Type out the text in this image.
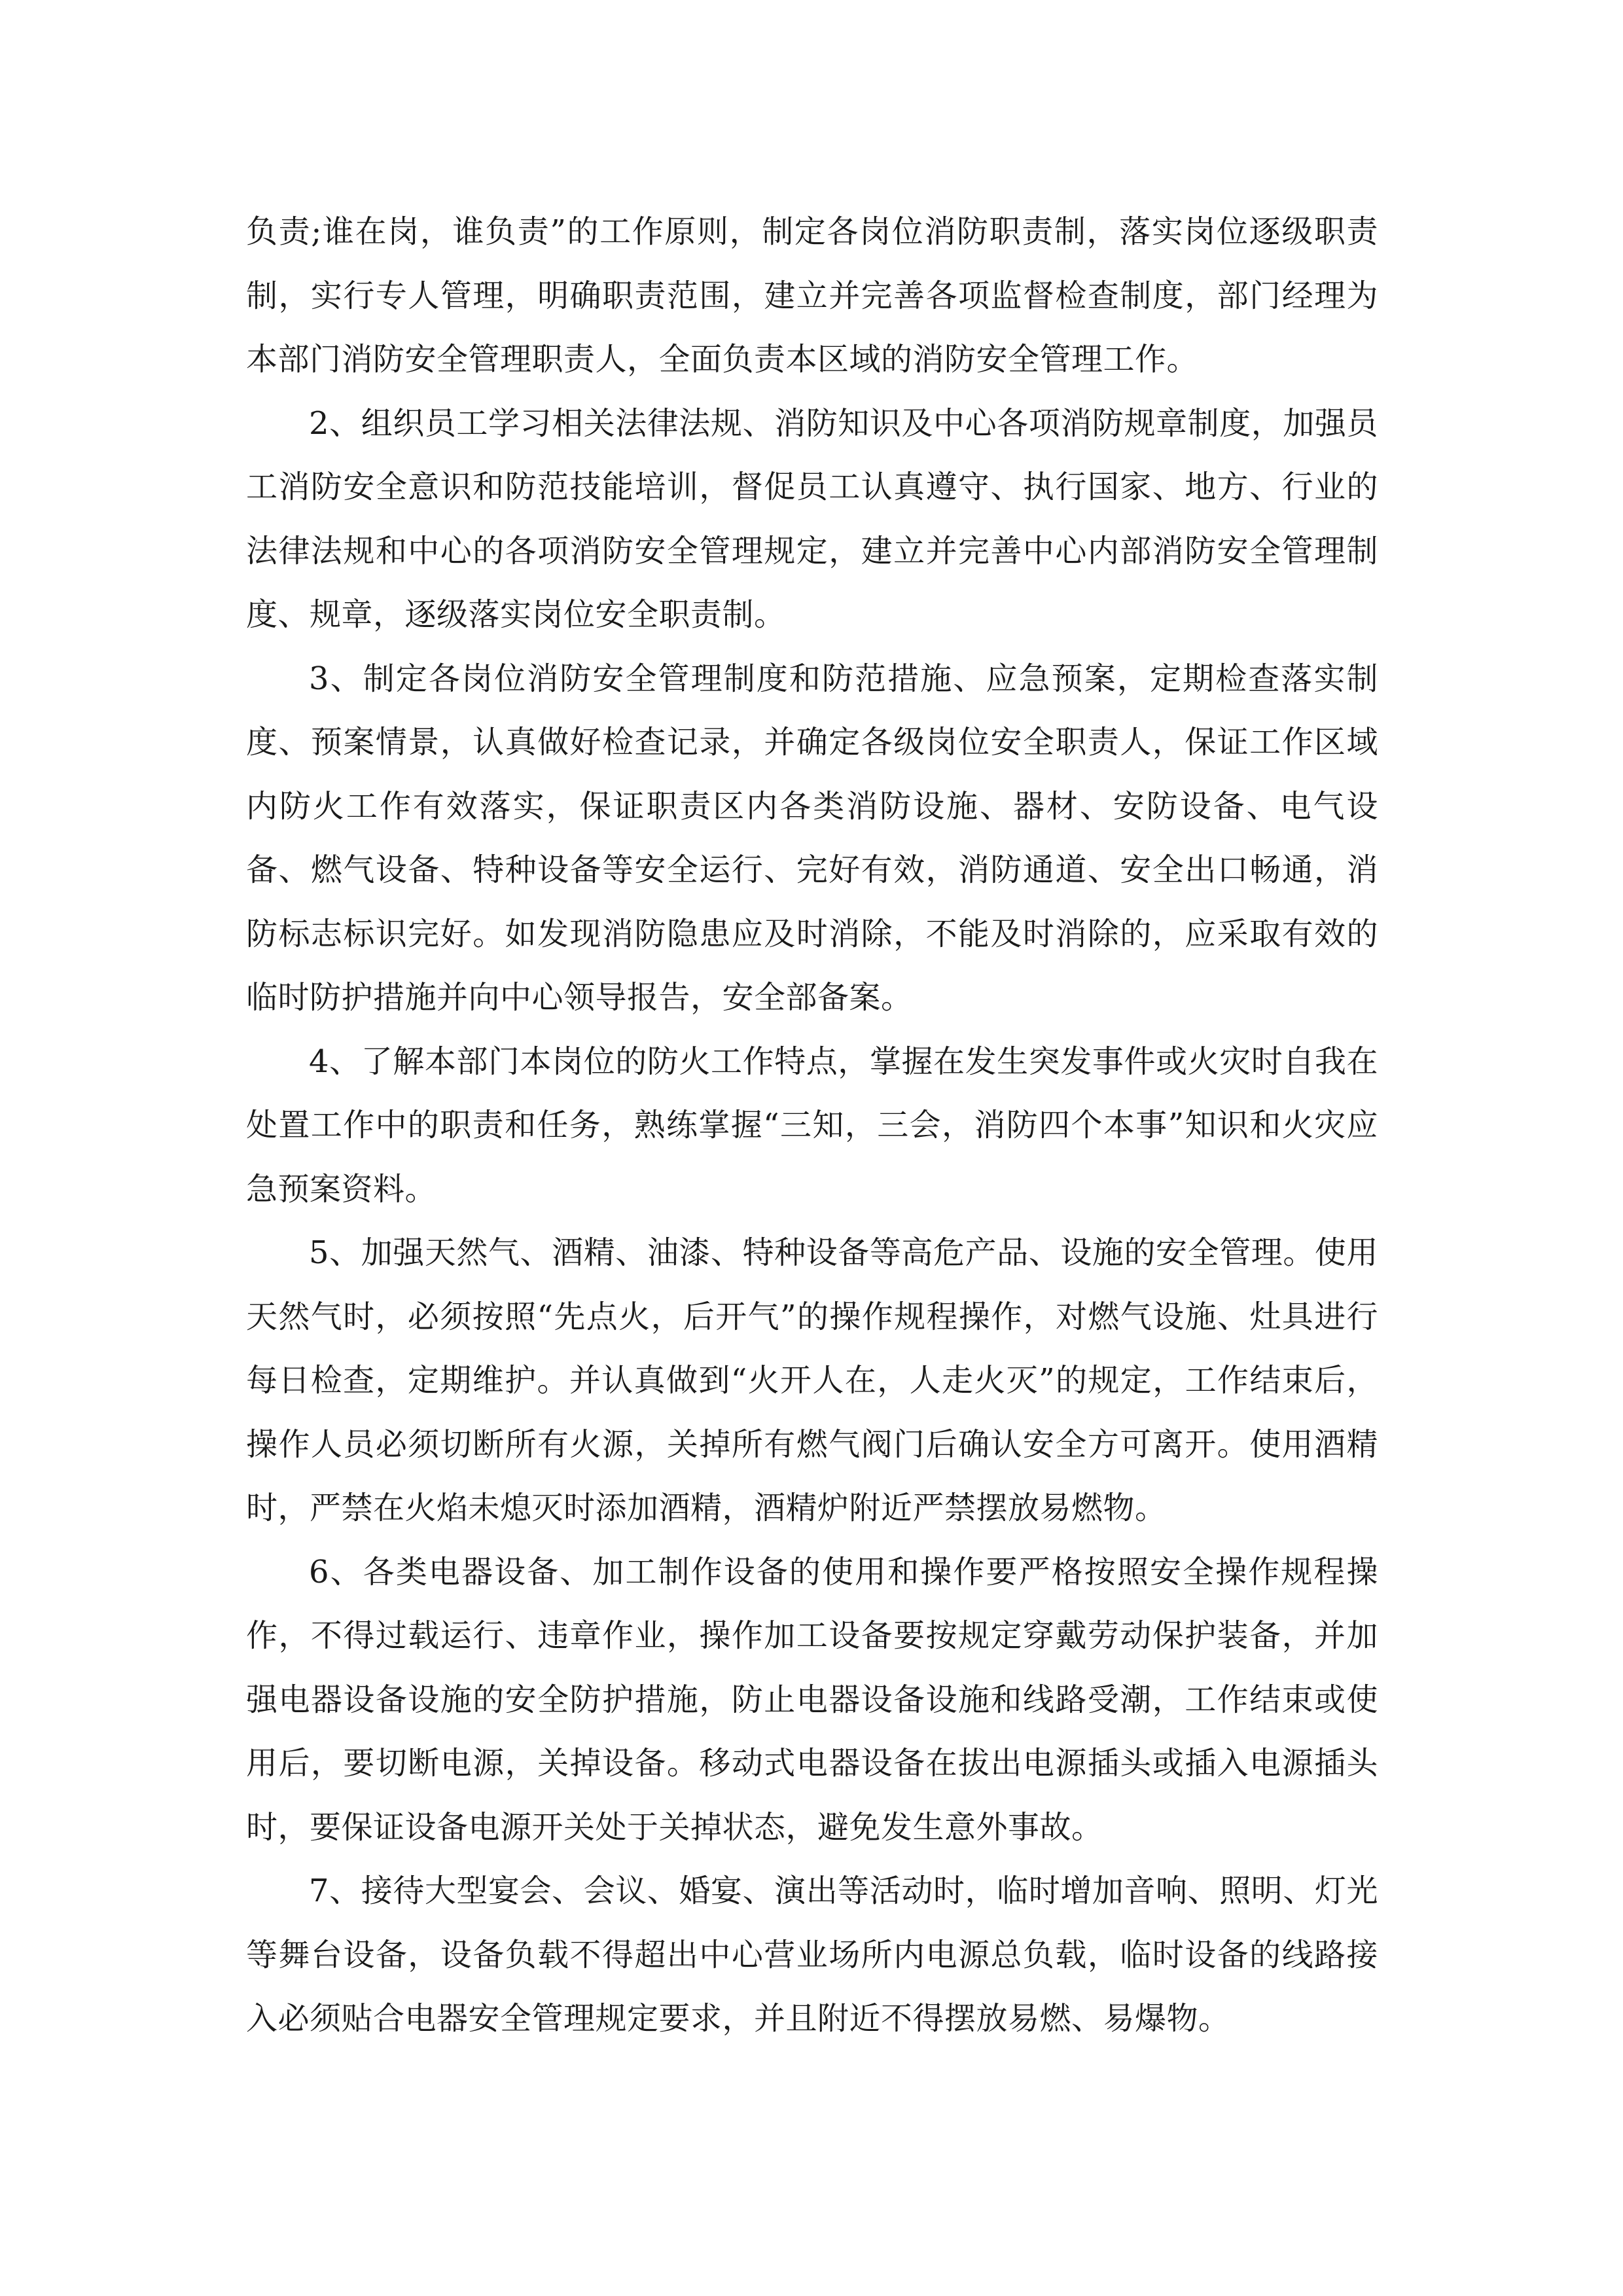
负责;谁在岗，谁负责”的工作原则，制定各岗位消防职责制，落实岗位逐级职责制，实行专人管理，明确职责范围，建立并完善各项监督检查制度，部门经理为本部门消防安全管理职责人，全面负责本区域的消防安全管理工作。

2、组织员工学习相关法律法规、消防知识及中心各项消防规章制度，加强员工消防安全意识和防范技能培训，督促员工认真遵守、执行国家、地方、行业的法律法规和中心的各项消防安全管理规定，建立并完善中心内部消防安全管理制度、规章，逐级落实岗位安全职责制。

3、制定各岗位消防安全管理制度和防范措施、应急预案，定期检查落实制度、预案情景，认真做好检查记录，并确定各级岗位安全职责人，保证工作区域内防火工作有效落实，保证职责区内各类消防设施、器材、安防设备、电气设备、燃气设备、特种设备等安全运行、完好有效，消防通道、安全出口畅通，消防标志标识完好。如发现消防隐患应及时消除，不能及时消除的，应采取有效的临时防护措施并向中心领导报告，安全部备案。

4、了解本部门本岗位的防火工作特点，掌握在发生突发事件或火灾时自我在处置工作中的职责和任务，熟练掌握“三知，三会，消防四个本事”知识和火灾应急预案资料。

5、加强天然气、酒精、油漆、特种设备等高危产品、设施的安全管理。使用天然气时，必须按照“先点火，后开气”的操作规程操作，对燃气设施、灶具进行每日检查，定期维护。并认真做到“火开人在，人走火灭”的规定，工作结束后，操作人员必须切断所有火源，关掉所有燃气阀门后确认安全方可离开。使用酒精时，严禁在火焰未熄灭时添加酒精，酒精炉附近严禁摆放易燃物。

6、各类电器设备、加工制作设备的使用和操作要严格按照安全操作规程操作，不得过载运行、违章作业，操作加工设备要按规定穿戴劳动保护装备，并加强电器设备设施的安全防护措施，防止电器设备设施和线路受潮，工作结束或使用后，要切断电源，关掉设备。移动式电器设备在拔出电源插头或插入电源插头时，要保证设备电源开关处于关掉状态，避免发生意外事故。

7、接待大型宴会、会议、婚宴、演出等活动时，临时增加音响、照明、灯光等舞台设备，设备负载不得超出中心营业场所内电源总负载，临时设备的线路接入必须贴合电器安全管理规定要求，并且附近不得摆放易燃、易爆物。
